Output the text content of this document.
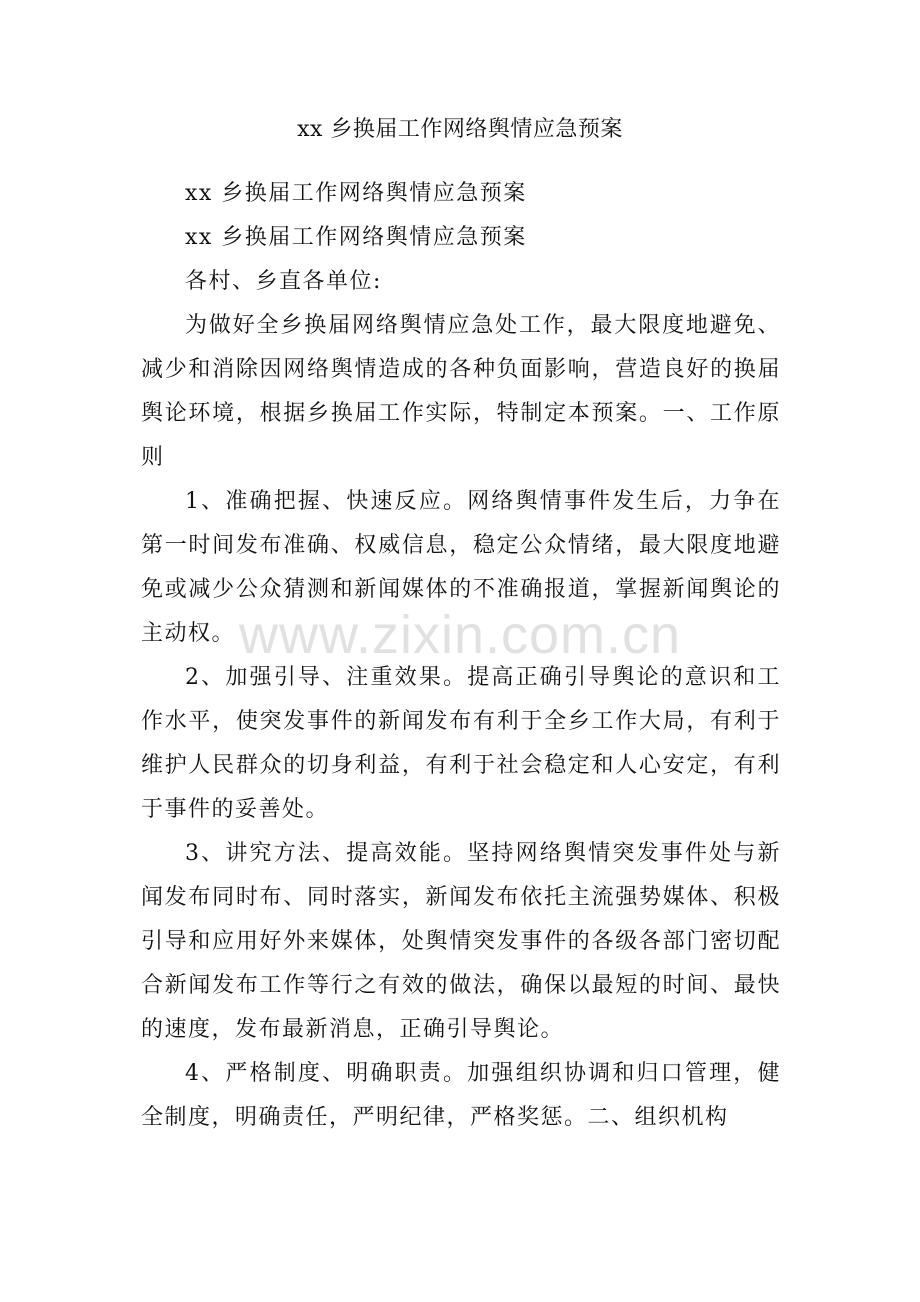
xx 乡换届工作网络舆情应急预案

xx 乡换届工作网络舆情应急预案

xx 乡换届工作网络舆情应急预案

各村、乡直各单位:

为做好全乡换届网络舆情应急处工作，最大限度地避免、减少和消除因网络舆情造成的各种负面影响，营造良好的换届舆论环境，根据乡换届工作实际，特制定本预案。一、工作原则

1、准确把握、快速反应。网络舆情事件发生后，力争在第一时间发布准确、权威信息，稳定公众情绪，最大限度地避免或减少公众猜测和新闻媒体的不准确报道，掌握新闻舆论的主动权。

2、加强引导、注重效果。提高正确引导舆论的意识和工作水平，使突发事件的新闻发布有利于全乡工作大局，有利于维护人民群众的切身利益，有利于社会稳定和人心安定，有利于事件的妥善处。

3、讲究方法、提高效能。坚持网络舆情突发事件处与新闻发布同时布、同时落实，新闻发布依托主流强势媒体、积极引导和应用好外来媒体，处舆情突发事件的各级各部门密切配合新闻发布工作等行之有效的做法，确保以最短的时间、最快的速度，发布最新消息，正确引导舆论。

4、严格制度、明确职责。加强组织协调和归口管理，健全制度，明确责任，严明纪律，严格奖惩。二、组织机构

www.zixin.com.cn
